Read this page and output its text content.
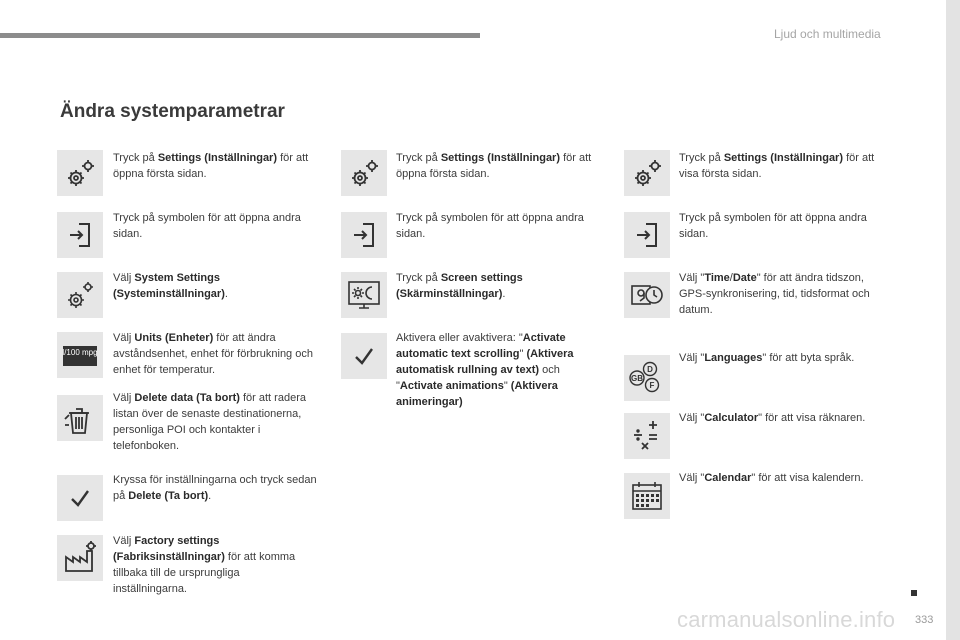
Ljud och multimedia
Ändra systemparametrar
Tryck på Settings (Inställningar) för att öppna första sidan.
Tryck på symbolen för att öppna andra sidan.
Välj System Settings (Systeminställningar).
l/100 mpg
Välj Units (Enheter) för att ändra avståndsenhet, enhet för förbrukning och enhet för temperatur.
Välj Delete data (Ta bort) för att radera listan över de senaste destinationerna, personliga POI och kontakter i telefonboken.
Kryssa för inställningarna och tryck sedan på Delete (Ta bort).
Välj Factory settings (Fabriksinställningar) för att komma tillbaka till de ursprungliga inställningarna.
Tryck på Settings (Inställningar) för att öppna första sidan.
Tryck på symbolen för att öppna andra sidan.
Tryck på Screen settings (Skärminställningar).
Aktivera eller avaktivera: "Activate automatic text scrolling" (Aktivera automatisk rullning av text) och "Activate animations" (Aktivera animeringar)
Tryck på Settings (Inställningar) för att visa första sidan.
Tryck på symbolen för att öppna andra sidan.
Välj "Time/Date" för att ändra tidszon, GPS-synkronisering, tid, tidsformat och datum.
D
GB
F
Välj "Languages" för att byta språk.
Välj "Calculator" för att visa räknaren.
Välj "Calendar" för att visa kalendern.
carmanualsonline.info 333
